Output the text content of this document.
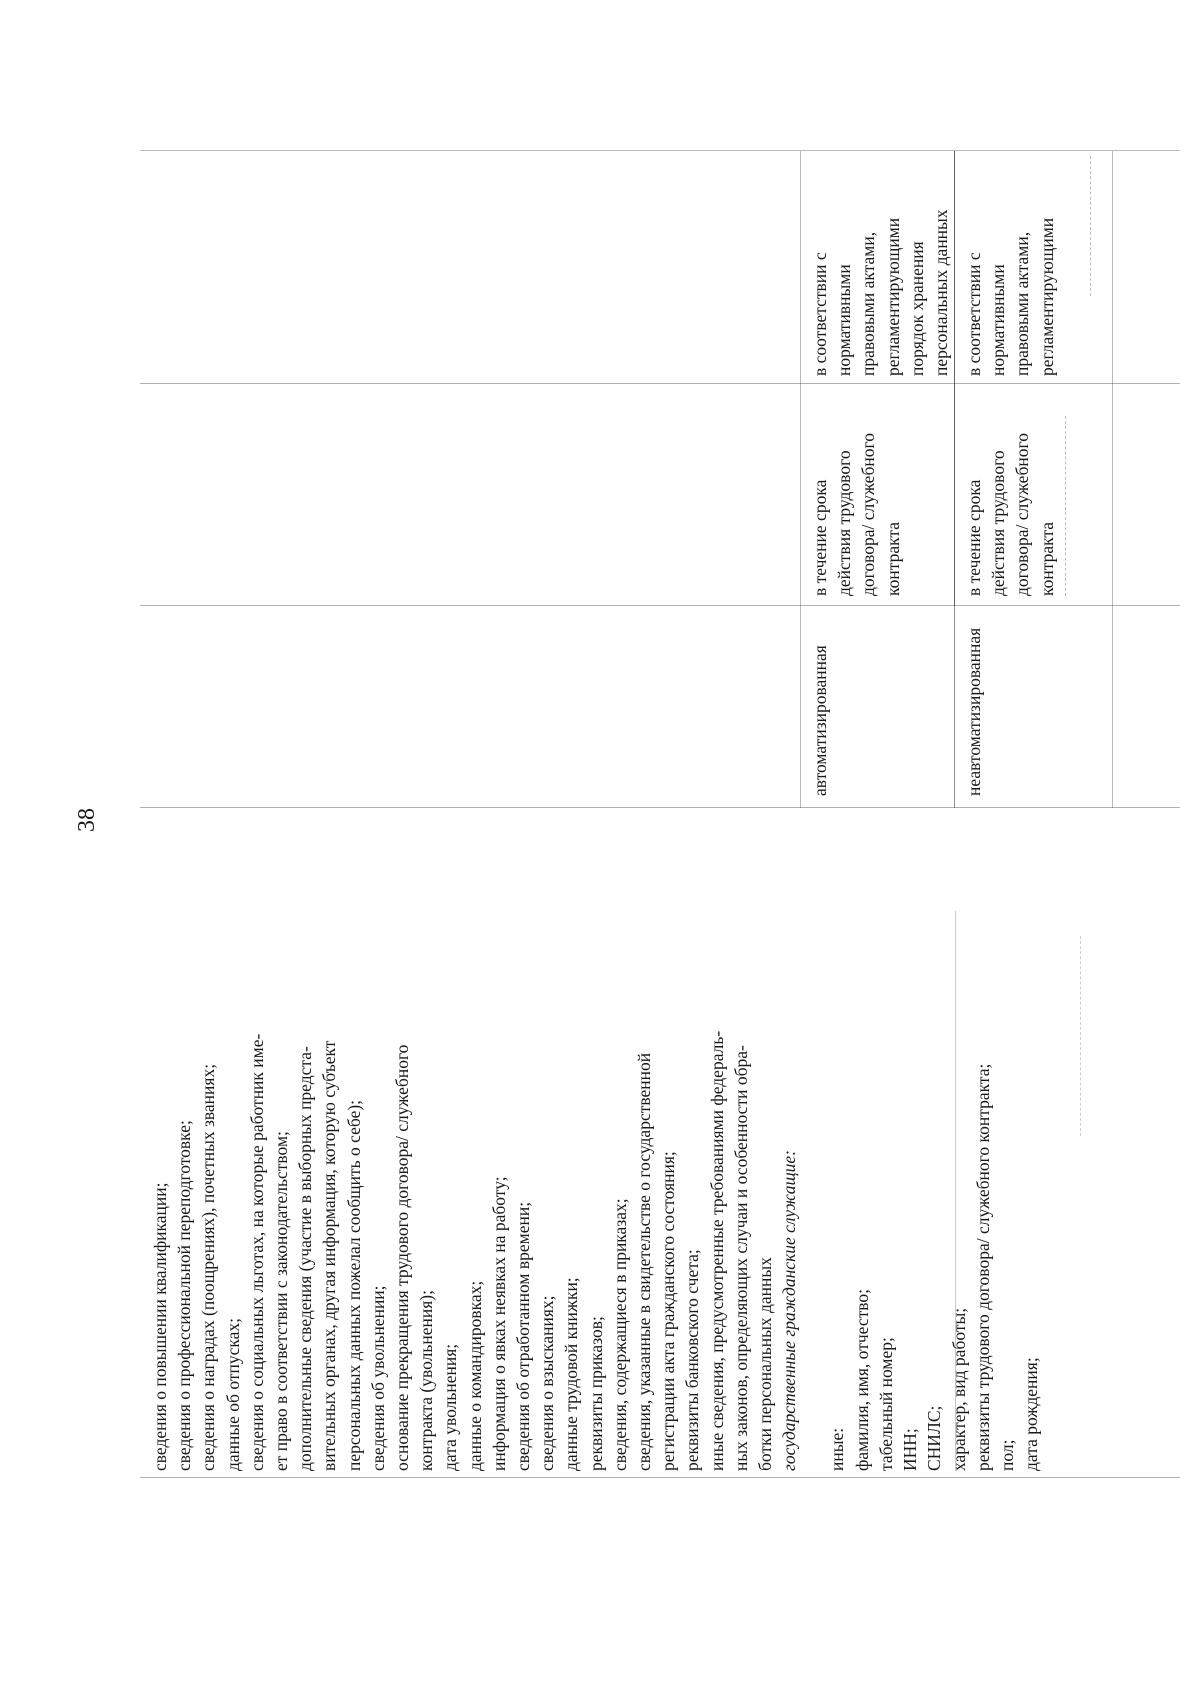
38
сведения о повышении квалификации; сведения о профессиональной переподготовке; сведения о наградах (поощрениях), почетных званиях; данные об отпусках; сведения о социальных льготах, на которые работник име- ет право в соответствии с законодательством; дополнительные сведения (участие в выборных предста- вительных органах, другая информация, которую субъект персональных данных пожелал сообщить о себе); сведения об увольнении; основание прекращения трудового договора/ служебного контракта (увольнения); дата увольнения; данные о командировках; информация о явках неявках на работу; сведения об отработанном времени; сведения о взысканиях; данные трудовой книжки; реквизиты приказов; сведения, содержащиеся в приказах; сведения, указанные в свидетельстве о государственной регистрации акта гражданского состояния; реквизиты банковского счета; иные сведения, предусмотренные требованиями федераль- ных законов, определяющих случаи и особенности обра- ботки персональных данных государственные гражданские служащие: иные: фамилия, имя, отчество; табельный номер; ИНН; СНИЛС; характер, вид работы; реквизиты трудового договора/ служебного контракта; пол; дата рождения;
автоматизированная
в течение срока действия трудового договора/ служебного контракта
в соответствии с нормативными правовыми актами, регламентирующими порядок хранения персональных данных
неавтоматизированная
в течение срока действия трудового договора/ служебного контракта
в соответствии с нормативными правовыми актами, регламентирующими
